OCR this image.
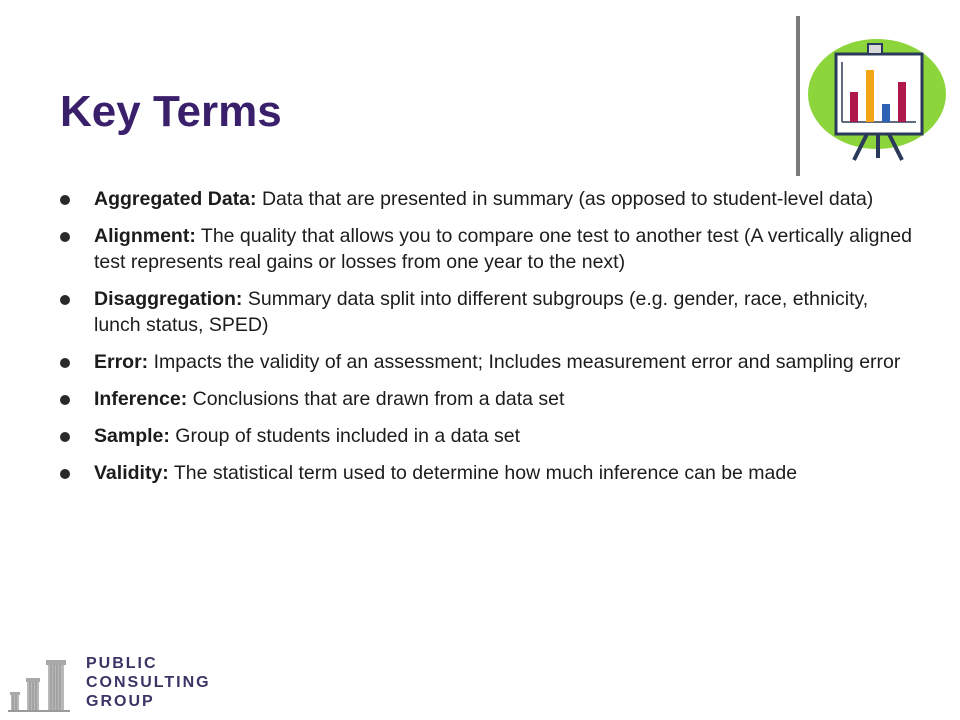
Key Terms
Aggregated Data: Data that are presented in summary (as opposed to student-level data)
Alignment: The quality that allows you to compare one test to another test (A vertically aligned test represents real gains or losses from one year to the next)
Disaggregation: Summary data split into different subgroups (e.g. gender, race, ethnicity, lunch status, SPED)
Error: Impacts the validity of an assessment; Includes measurement error and sampling error
Inference: Conclusions that are drawn from a data set
Sample: Group of students included in a data set
Validity: The statistical term used to determine how much inference can be made
PUBLIC
CONSULTING
GROUP
